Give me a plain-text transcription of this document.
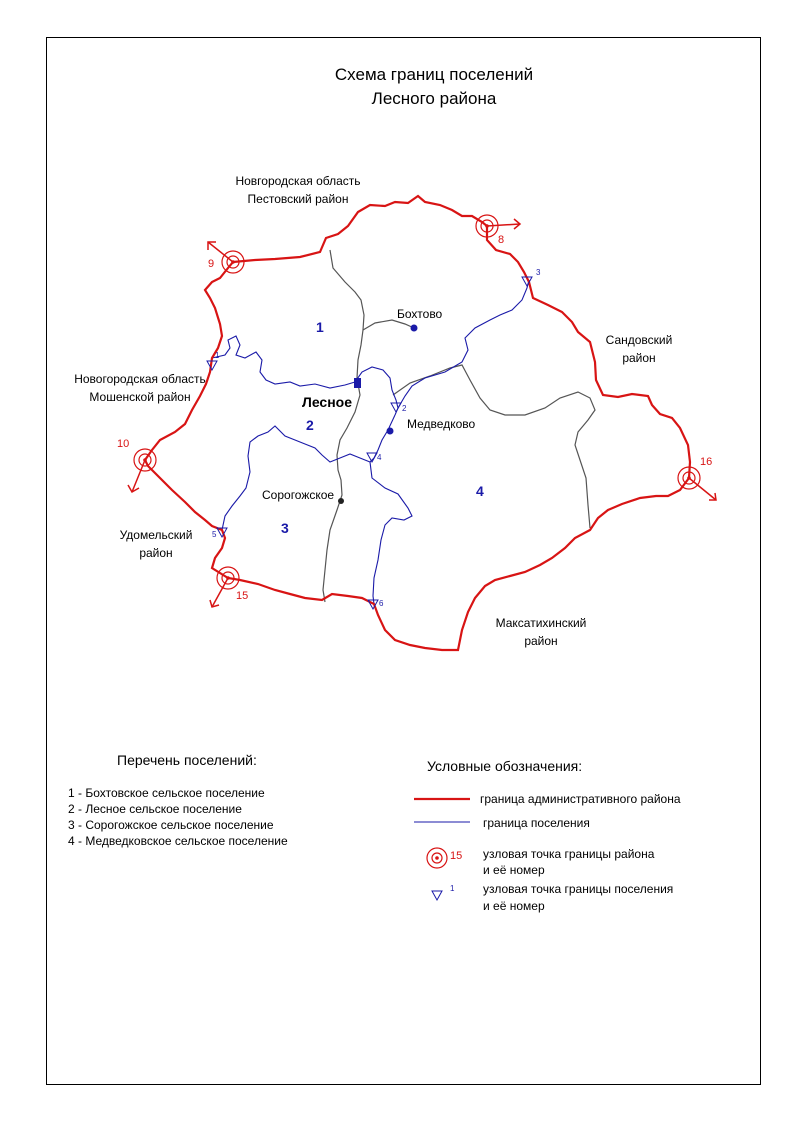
Схема границ поселений
Лесного района
9
8
10
15
16
1
2
3
4
5
6
Бохтово
Лесное
Медведково
Сорогожское
1
2
3
4
Новгородская область
Пестовский район
Новогородская область
Мошенской район
Сандовский
район
Удомельский
район
Максатихинский
район
Перечень поселений:
1 - Бохтовское сельское поселение
2 - Лесное сельское поселение
3 - Сорогожское сельское поселение
4 - Медведковское сельское поселение
Условные обозначения:
граница административного района
граница поселения
15 узловая точка границы района
и её номер
1 узловая точка границы поселения
и её номер
